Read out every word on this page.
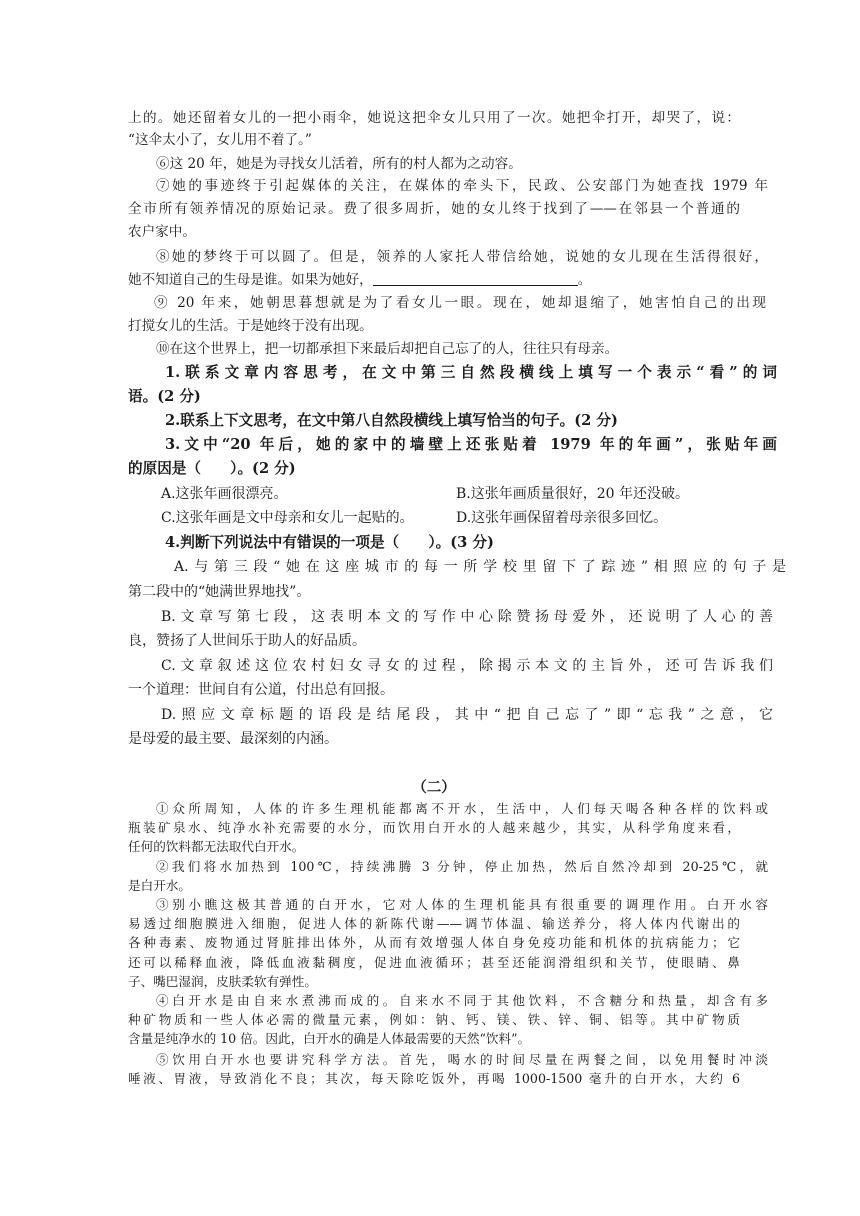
上的。她还留着女儿的一把小雨伞，她说这把伞女儿只用了一次。她把伞打开，却哭了，说：
“这伞太小了，女儿用不着了。”
⑥这 20 年，她是为寻找女儿活着，所有的村人都为之动容。
⑦她的事迹终于引起媒体的关注，在媒体的牵头下，民政、公安部门为她查找 1979 年
全市所有领养情况的原始记录。费了很多周折，她的女儿终于找到了——在邻县一个普通的
农户家中。
⑧她的梦终于可以圆了。但是，领养的人家托人带信给她，说她的女儿现在生活得很好，
她不知道自己的生母是谁。如果为她好，	。
⑨ 20 年来，她朝思暮想就是为了看女儿一眼。现在，她却退缩了，她害怕自己的出现
打搅女儿的生活。于是她终于没有出现。
⑩在这个世界上，把一切都承担下来最后却把自己忘了的人，往往只有母亲。
1.联系文章内容思考，在文中第三自然段横线上填写一个表示“看”的词
语。(2 分)
2.联系上下文思考，在文中第八自然段横线上填写恰当的句子。(2 分)
3.文中“20 年后，她的家中的墙壁上还张贴着 1979 年的年画”，张贴年画
的原因是（　　）。(2 分)
A.这张年画很漂亮。	B.这张年画质量很好，20 年还没破。
C.这张年画是文中母亲和女儿一起贴的。	D.这张年画保留着母亲很多回忆。
4.判断下列说法中有错误的一项是（　　）。(3 分)
A.与第三段“她在这座城市的每一所学校里留下了踪迹”相照应的句子是
第二段中的“她满世界地找”。
B.文章写第七段，这表明本文的写作中心除赞扬母爱外，还说明了人心的善
良，赞扬了人世间乐于助人的好品质。
C.文章叙述这位农村妇女寻女的过程，除揭示本文的主旨外，还可告诉我们
一个道理：世间自有公道，付出总有回报。
D.照应文章标题的语段是结尾段，其中“把自己忘了”即“忘我”之意，它
是母爱的最主要、最深刻的内涵。
（二）
①众所周知，人体的许多生理机能都离不开水，生活中，人们每天喝各种各样的饮料或
瓶装矿泉水、纯净水补充需要的水分，而饮用白开水的人越来越少，其实，从科学角度来看，
任何的饮料都无法取代白开水。
②我们将水加热到 100℃，持续沸腾 3 分钟，停止加热，然后自然冷却到 20-25℃，就
是白开水。
③别小瞧这极其普通的白开水，它对人体的生理机能具有很重要的调理作用。白开水容
易透过细胞膜进入细胞，促进人体的新陈代谢——调节体温、输送养分，将人体内代谢出的
各种毒素、废物通过肾脏排出体外，从而有效增强人体自身免疫功能和机体的抗病能力；它
还可以稀释血液，降低血液黏稠度，促进血液循环；甚至还能润滑组织和关节，使眼睛、鼻
子、嘴巴湿润，皮肤柔软有弹性。
④白开水是由自来水煮沸而成的。自来水不同于其他饮料，不含糖分和热量，却含有多
种矿物质和一些人体必需的微量元素，例如：钠、钙、镁、铁、锌、铜、铝等。其中矿物质
含量是纯净水的 10 倍。因此，白开水的确是人体最需要的天然“饮料”。
⑤饮用白开水也要讲究科学方法。首先，喝水的时间尽量在两餐之间，以免用餐时冲淡
唾液、胃液，导致消化不良；其次，每天除吃饭外，再喝 1000-1500 毫升的白开水，大约 6
